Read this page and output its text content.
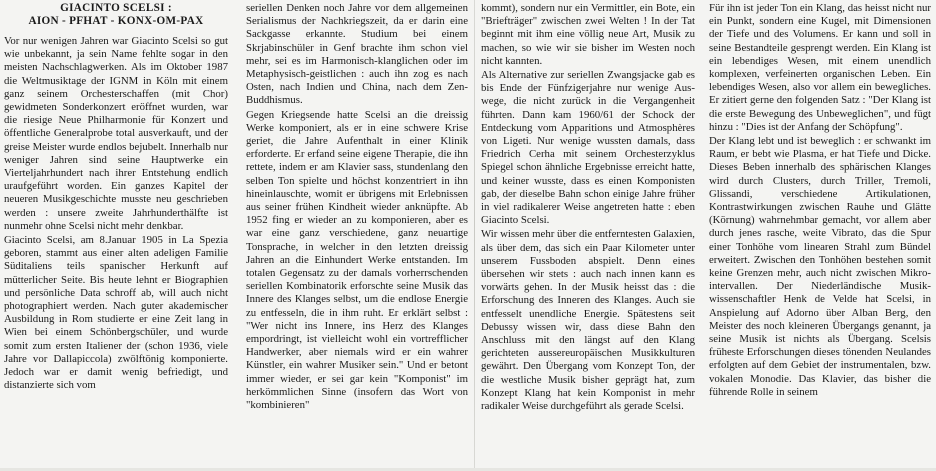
GIACINTO SCELSI :
AION - PFHAT - KONX-OM-PAX

Vor nur wenigen Jahren war Giacinto Scelsi so gut wie unbekannt, ja sein Name fehlte sogar in den meisten Nachschlagwerken. Als im Oktober 1987 die Weltmusiktage der IGNM in Köln mit einem ganz seinem Orchesterschaffen (mit Chor) gewidmeten Sonderkonzert eröffnet wurden, war die riesige Neue Philharmonie für Konzert und öffentliche Generalprobe total ausverkauft, und der greise Meister wurde endlos bejubelt. Innerhalb nur weniger Jahren sind seine Hauptwerke ein Vierteljahrhundert nach ihrer Entstehung endlich uraufgeführt worden. Ein ganzes Kapitel der neueren Musikgeschichte musste neu geschrieben werden : unsere zweite Jahrhunderthälfte ist nunmehr ohne Scelsi nicht mehr denkbar.

Giacinto Scelsi, am 8.Januar 1905 in La Spezia geboren, stammt aus einer alten adeligen Familie Süditaliens teils spanischer Herkunft auf mütterlicher Seite. Bis heute lehnt er Biographien und persönliche Data schroff ab, will auch nicht photographiert werden. Nach guter akademischer Ausbildung in Rom studierte er eine Zeit lang in Wien bei einem Schönbergschüler, und wurde somit zum ersten Italiener der (schon 1936, viele Jahre vor Dallapiccola) zwölftönig komponierte. Jedoch war er damit wenig befriedigt, und distanzierte sich vom

seriellen Denken noch Jahre vor dem allgemeinen Serialismus der Nachkriegszeit, da er darin eine Sackgasse erkannte. Studium bei einem Skrjabinschüler in Genf brachte ihm schon viel mehr, sei es im Harmonisch-klanglichen oder im Metaphysisch-geistlichen : auch ihn zog es nach Osten, nach Indien und China, nach dem Zen-Buddhismus.

Gegen Kriegsende hatte Scelsi an die dreissig Werke komponiert, als er in eine schwere Krise geriet, die Jahre Aufenthalt in einer Klinik erforderte. Er erfand seine eigene Therapie, die ihn rettete, indem er am Klavier sass, stundenlang den selben Ton spielte und höchst konzentriert in ihn hineinlauschte, womit er übrigens mit Erlebnissen aus seiner frühen Kindheit wieder anknüpfte. Ab 1952 fing er wieder an zu komponieren, aber es war eine ganz verschiedene, ganz neuartige Tonsprache, in welcher in den letzten dreissig Jahren an die Einhundert Werke entstanden. Im totalen Gegensatz zu der damals vorherrschenden seriellen Kombinatorik erforschte seine Musik das Innere des Klanges selbst, um die endlose Energie zu entfesseln, die in ihm ruht. Er erklärt selbst : "Wer nicht ins Innere, ins Herz des Klanges empordringt, ist vielleicht wohl ein vortrefflicher Handwerker, aber niemals wird er ein wahrer Künstler, ein wahrer Musiker sein." Und er betont immer wieder, er sei gar kein "Komponist" im herkömmlichen Sinne (insofern das Wort von "kombinieren"

kommt), sondern nur ein Vermittler, ein Bote, ein "Briefträger" zwischen zwei Welten ! In der Tat beginnt mit ihm eine völlig neue Art, Musik zu machen, so wie wir sie bisher im Westen noch nicht kannten.

Als Alternative zur seriellen Zwangsjacke gab es bis Ende der Fünfzigerjahre nur wenige Auswege, die nicht zurück in die Vergangenheit führten. Dann kam 1960/61 der Schock der Entdeckung vom Apparitions und Atmosphères von Ligeti. Nur wenige wussten damals, dass Friedrich Cerha mit seinem Orchesterzyklus Spiegel schon ähnliche Ergebnisse erreicht hatte, und keiner wusste, dass es einen Komponisten gab, der dieselbe Bahn schon einige Jahre früher in viel radikalerer Weise angetreten hatte : eben Giacinto Scelsi.

Wir wissen mehr über die entferntesten Galaxien, als über dem, das sich ein Paar Kilometer unter unserem Fussboden abspielt. Denn eines übersehen wir stets : auch nach innen kann es vorwärts gehen. In der Musik heisst das : die Erforschung des Inneren des Klanges. Auch sie entfesselt unendliche Energie. Spätestens seit Debussy wissen wir, dass diese Bahn den Anschluss mit den längst auf den Klang gerichteten aussereuropäischen Musikkulturen gewährt. Den Übergang vom Konzept Ton, der die westliche Musik bisher geprägt hat, zum Konzept Klang hat kein Komponist in mehr radikaler Weise durchgeführt als gerade Scelsi.

Für ihn ist jeder Ton ein Klang, das heisst nicht nur ein Punkt, sondern eine Kugel, mit Dimensionen der Tiefe und des Volumens. Er kann und soll in seine Bestandteile gesprengt werden. Ein Klang ist ein lebendiges Wesen, mit einem unendlich komplexen, verfeinerten organischen Leben. Ein lebendiges Wesen, also vor allem ein bewegliches. Er zitiert gerne den folgenden Satz : "Der Klang ist die erste Bewegung des Unbeweglichen", und fügt hinzu : "Dies ist der Anfang der Schöpfung".

Der Klang lebt und ist beweglich : er schwankt im Raum, er bebt wie Plasma, er hat Tiefe und Dicke. Dieses Beben innerhalb des sphärischen Klanges wird durch Clusters, durch Triller, Tremoli, Glissandi, verschiedene Artikulationen, Kontrastwirkungen zwischen Rauhe und Glätte (Körnung) wahrnehmbar gemacht, vor allem aber durch jenes rasche, weite Vibrato, das die Spur einer Tonhöhe vom linearen Strahl zum Bündel erweitert. Zwischen den Tonhöhen bestehen somit keine Grenzen mehr, auch nicht zwischen Mikrointervallen. Der Niederländische Musikwissenschaftler Henk de Velde hat Scelsi, in Anspielung auf Adorno über Alban Berg, den Meister des noch kleineren Übergangs genannt, ja seine Musik ist nichts als Übergang. Scelsis früheste Erforschungen dieses tönenden Neulandes erfolgten auf dem Gebiet der instrumentalen, bzw. vokalen Monodie. Das Klavier, das bisher die führende Rolle in seinem
